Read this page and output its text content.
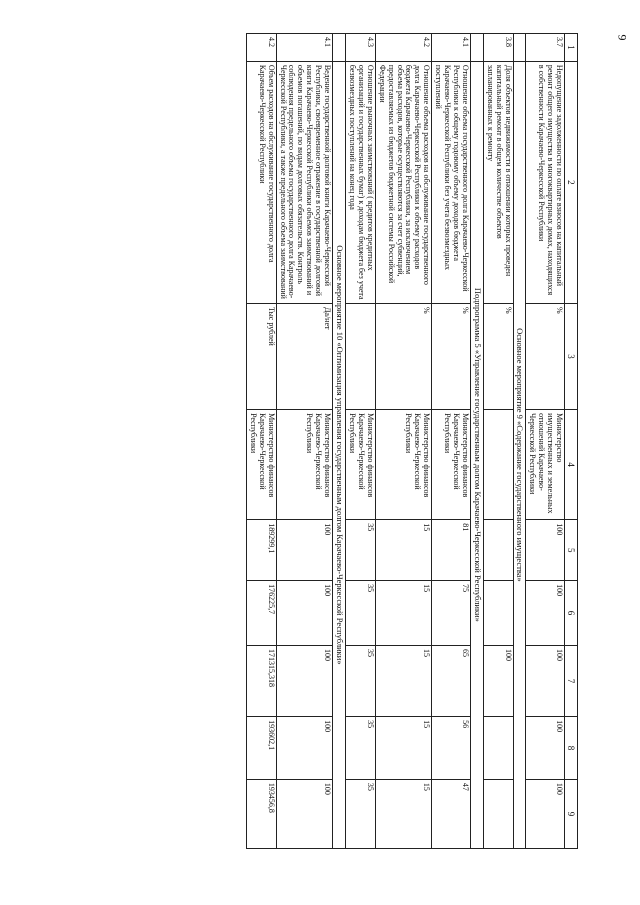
9
1	2	3	4	5	6	7	8	9
3.7	Недопущение задолженности по оплате взносов на капитальный ремонт общего имущества в многоквартирных домах, находящихся в собственности Карачаево-Черкесской Республики	%	Министерство имущественных и земельных отношений Карачаево-Черкесской Республики	100	100	100	100	100
	Основное мероприятие 9 «Содержание государственного имущества»							
3.8	Доля объектов недвижимости в отношении которых проведен капитальный ремонт в общем количестве объектов запланированных к ремонту	%				100		
	Подпрограмма 5 «Управление государственным долгом Карачаево-Черкесской Республики»							
4.1	Отношение объема государственного долга Карачаево-Черкесской Республики к общему годовому объему доходов бюджета Карачаево-Черкесской Республики без учета безвозмездных поступлений	%	Министерство финансов Карачаево-Черкесской Республики	81	75	65	56	47
4.2	Отношение объема расходов на обслуживание государственного долга Карачаево-Черкесской Республики к объему расходов бюджета Карачаево-Черкесской Республики, за исключением объема расходов, которые осуществляются за счет субвенций, предоставляемых из бюджетов бюджетной системы Российской Федерации	%	Министерство финансов Карачаево-Черкесской Республики	15	15	15	15	15
4.3	Отношение рыночных заимствований ( кредитов кредитных организаций и государственных бумаг) к доходам бюджета без учета безвозмездных поступлений на конец года		Министерство финансов Карачаево-Черкесской Республики	35	35	35	35	35
	Основное мероприятие 10 «Оптимизация управления государственным долгом Карачаево-Черкесской Республики»							
4.1	Ведение государственной долговой книги Карачаево-Черкесской Республики, своевременное отражение в государственной долговой книги Карачаево-Черкесской Республики объемов заимствований и объемов погашений, по видам долговых обязательств. Контроль соблюдения предельного объема государственного долга Карачаево-Черкесской Республики, а также предельного объема заимствований	Да/нет	Министерство финансов Карачаево-Черкесской Республики	100	100	100	100	100
4.2	Объем расходов на обслуживание государственного долга Карачаево-Черкесской Республики	Тыс рублей	Министерство финансов Карачаево-Черкесской Республики	189299,1	176225,7	171315,318	193602,1	193456,8
